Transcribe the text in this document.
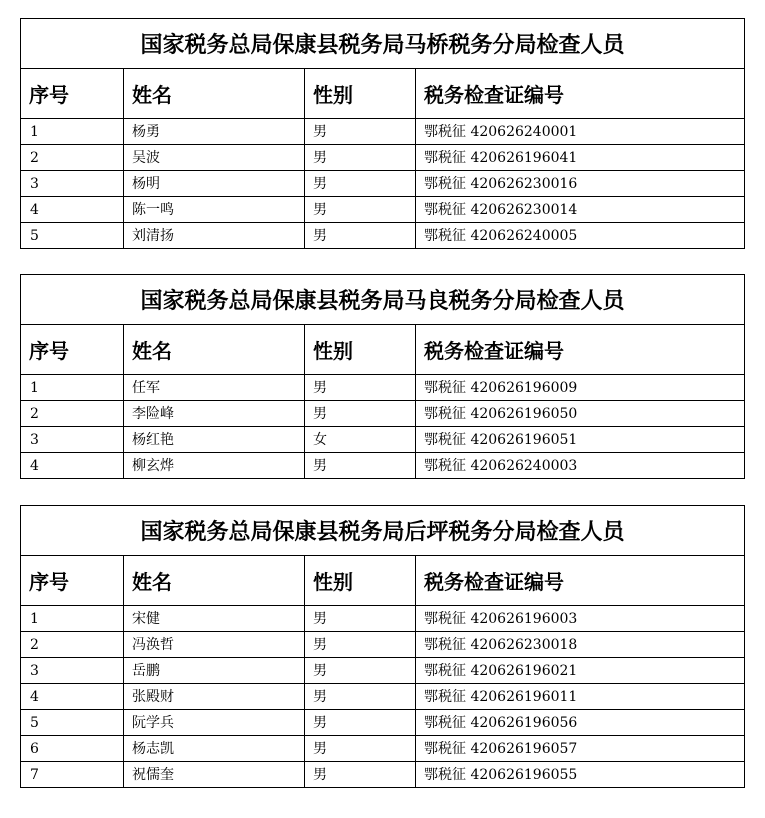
国家税务总局保康县税务局马桥税务分局检查人员			
序号	姓名	性别	税务检查证编号
1	杨勇	男	鄂税征 420626240001
2	吴波	男	鄂税征 420626196041
3	杨明	男	鄂税征 420626230016
4	陈一鸣	男	鄂税征 420626230014
5	刘清扬	男	鄂税征 420626240005
国家税务总局保康县税务局马良税务分局检查人员			
序号	姓名	性别	税务检查证编号
1	任军	男	鄂税征 420626196009
2	李险峰	男	鄂税征 420626196050
3	杨红艳	女	鄂税征 420626196051
4	柳玄烨	男	鄂税征 420626240003
国家税务总局保康县税务局后坪税务分局检查人员			
序号	姓名	性别	税务检查证编号
1	宋健	男	鄂税征 420626196003
2	冯涣哲	男	鄂税征 420626230018
3	岳鹏	男	鄂税征 420626196021
4	张殿财	男	鄂税征 420626196011
5	阮学兵	男	鄂税征 420626196056
6	杨志凯	男	鄂税征 420626196057
7	祝儒奎	男	鄂税征 420626196055
